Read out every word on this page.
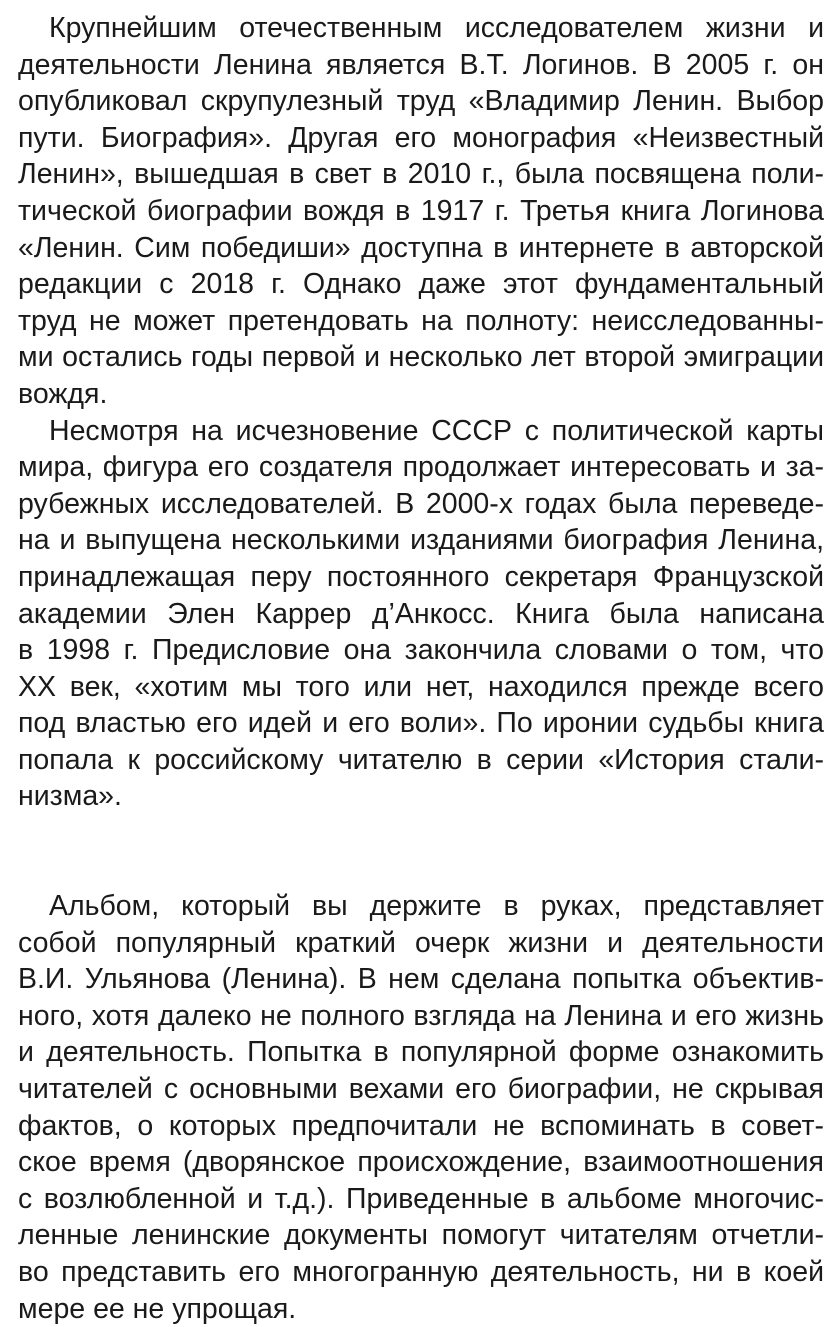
Крупнейшим отечественным исследователем жизни и
деятельности Ленина является В.Т. Логинов. В 2005 г. он
опубликовал скрупулезный труд «Владимир Ленин. Выбор
пути. Биография». Другая его монография «Неизвестный
Ленин», вышедшая в свет в 2010 г., была посвящена поли-
тической биографии вождя в 1917 г. Третья книга Логинова
«Ленин. Сим победиши» доступна в интернете в авторской
редакции с 2018 г. Однако даже этот фундаментальный
труд не может претендовать на полноту: неисследованны-
ми остались годы первой и несколько лет второй эмиграции
вождя.
Несмотря на исчезновение СССР с политической карты
мира, фигура его создателя продолжает интересовать и за-
рубежных исследователей. В 2000-х годах была переведе-
на и выпущена несколькими изданиями биография Ленина,
принадлежащая перу постоянного секретаря Французской
академии Элен Каррер д’Анкосс. Книга была написана
в 1998 г. Предисловие она закончила словами о том, что
XX век, «хотим мы того или нет, находился прежде всего
под властью его идей и его воли». По иронии судьбы книга
попала к российскому читателю в серии «История стали-
низма».
Альбом, который вы держите в руках, представляет
собой популярный краткий очерк жизни и деятельности
В.И. Ульянова (Ленина). В нем сделана попытка объектив-
ного, хотя далеко не полного взгляда на Ленина и его жизнь
и деятельность. Попытка в популярной форме ознакомить
читателей с основными вехами его биографии, не скрывая
фактов, о которых предпочитали не вспоминать в совет-
ское время (дворянское происхождение, взаимоотношения
с возлюбленной и т.д.). Приведенные в альбоме многочис-
ленные ленинские документы помогут читателям отчетли-
во представить его многогранную деятельность, ни в коей
мере ее не упрощая.
